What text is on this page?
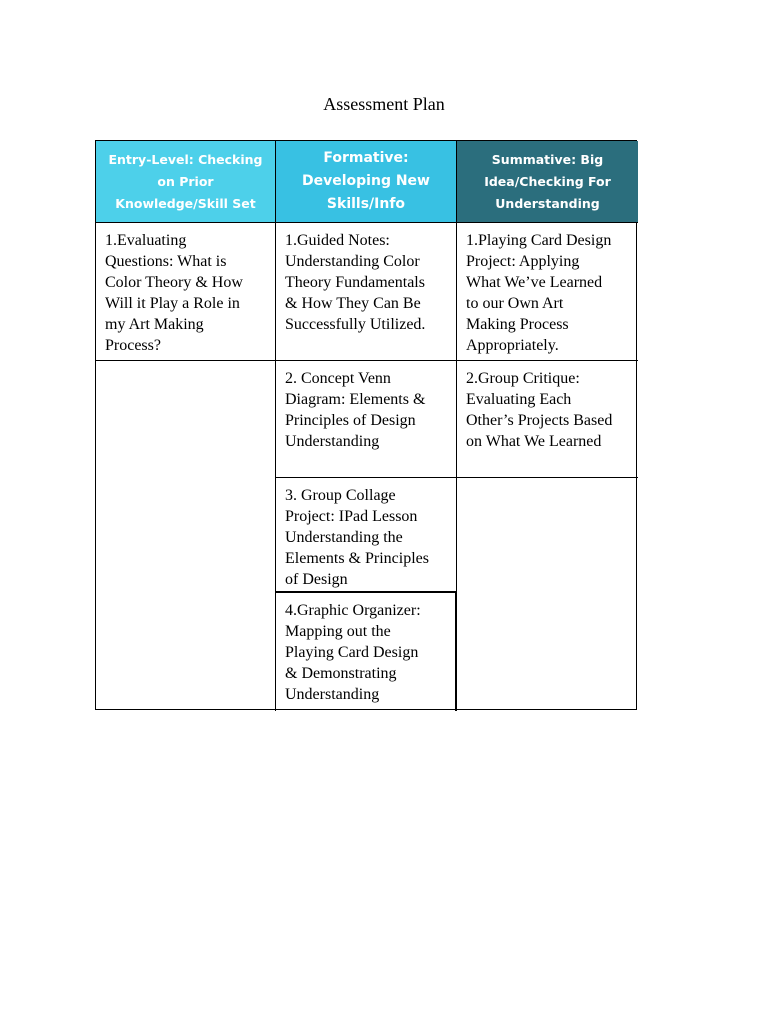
Assessment Plan
Entry-Level: Checking
on Prior
Knowledge/Skill Set
Formative:
Developing New
Skills/Info
Summative: Big
Idea/Checking For
Understanding
1.Evaluating
Questions: What is
Color Theory & How
Will it Play a Role in
my Art Making
Process?
1.Guided Notes:
Understanding Color
Theory Fundamentals
& How They Can Be
Successfully Utilized.
2. Concept Venn
Diagram: Elements &
Principles of Design
Understanding
3. Group Collage
Project: IPad Lesson
Understanding the
Elements & Principles
of Design
4.Graphic Organizer:
Mapping out the
Playing Card Design
& Demonstrating
Understanding
1.Playing Card Design
Project: Applying
What We’ve Learned
to our Own Art
Making Process
Appropriately.
2.Group Critique:
Evaluating Each
Other’s Projects Based
on What We Learned
